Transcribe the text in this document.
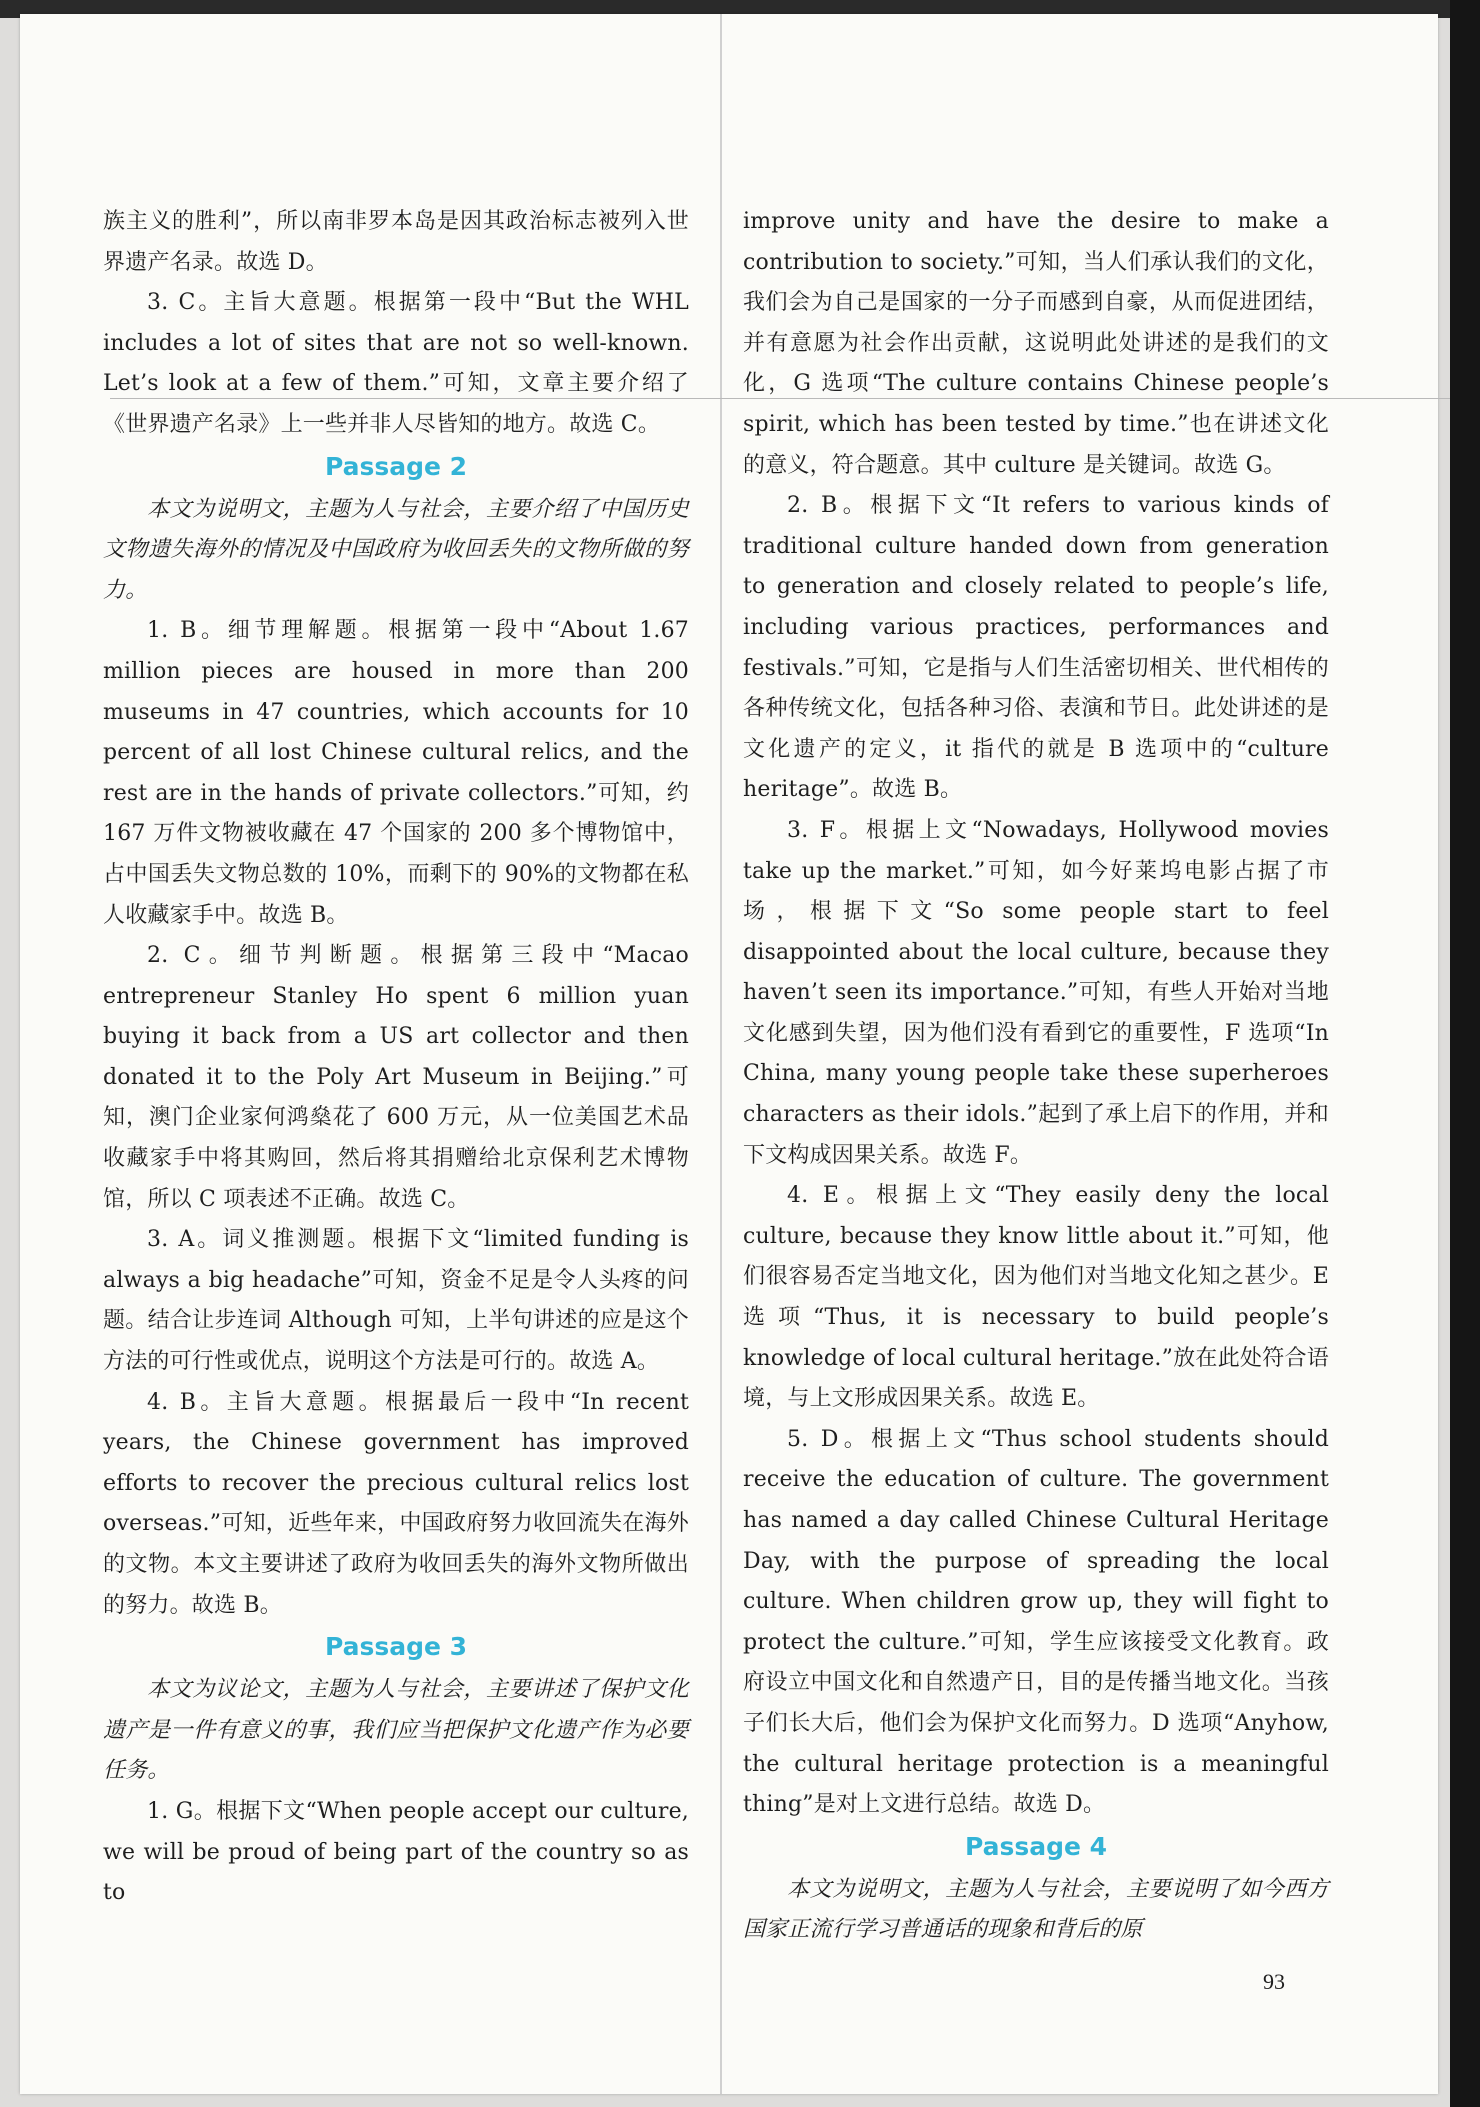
族主义的胜利”，所以南非罗本岛是因其政治标志被列入世界遗产名录。故选 D。

3. C。主旨大意题。根据第一段中“But the WHL includes a lot of sites that are not so well-known. Let’s look at a few of them.”可知，文章主要介绍了《世界遗产名录》上一些并非人尽皆知的地方。故选 C。

Passage 2

本文为说明文，主题为人与社会，主要介绍了中国历史文物遗失海外的情况及中国政府为收回丢失的文物所做的努力。

1. B。细节理解题。根据第一段中“About 1.67 million pieces are housed in more than 200 museums in 47 countries, which accounts for 10 percent of all lost Chinese cultural relics, and the rest are in the hands of private collectors.”可知，约 167 万件文物被收藏在 47 个国家的 200 多个博物馆中，占中国丢失文物总数的 10%，而剩下的 90%的文物都在私人收藏家手中。故选 B。

2. C。细节判断题。根据第三段中“Macao entrepreneur Stanley Ho spent 6 million yuan buying it back from a US art collector and then donated it to the Poly Art Museum in Beijing.”可知，澳门企业家何鸿燊花了 600 万元，从一位美国艺术品收藏家手中将其购回，然后将其捐赠给北京保利艺术博物馆，所以 C 项表述不正确。故选 C。

3. A。词义推测题。根据下文“limited funding is always a big headache”可知，资金不足是令人头疼的问题。结合让步连词 Although 可知，上半句讲述的应是这个方法的可行性或优点，说明这个方法是可行的。故选 A。

4. B。主旨大意题。根据最后一段中“In recent years, the Chinese government has improved efforts to recover the precious cultural relics lost overseas.”可知，近些年来，中国政府努力收回流失在海外的文物。本文主要讲述了政府为收回丢失的海外文物所做出的努力。故选 B。

Passage 3

本文为议论文，主题为人与社会，主要讲述了保护文化遗产是一件有意义的事，我们应当把保护文化遗产作为必要任务。

1. G。根据下文“When people accept our culture, we will be proud of being part of the country so as to

improve unity and have the desire to make a contribution to society.”可知，当人们承认我们的文化，我们会为自己是国家的一分子而感到自豪，从而促进团结，并有意愿为社会作出贡献，这说明此处讲述的是我们的文化，G 选项“The culture contains Chinese people’s spirit, which has been tested by time.”也在讲述文化的意义，符合题意。其中 culture 是关键词。故选 G。

2. B。根据下文“It refers to various kinds of traditional culture handed down from generation to generation and closely related to people’s life, including various practices, performances and festivals.”可知，它是指与人们生活密切相关、世代相传的各种传统文化，包括各种习俗、表演和节日。此处讲述的是文化遗产的定义，it 指代的就是 B 选项中的“culture heritage”。故选 B。

3. F。根据上文“Nowadays, Hollywood movies take up the market.”可知，如今好莱坞电影占据了市场，根据下文“So some people start to feel disappointed about the local culture, because they haven’t seen its importance.”可知，有些人开始对当地文化感到失望，因为他们没有看到它的重要性，F 选项“In China, many young people take these superheroes characters as their idols.”起到了承上启下的作用，并和下文构成因果关系。故选 F。

4. E。根据上文“They easily deny the local culture, because they know little about it.”可知，他们很容易否定当地文化，因为他们对当地文化知之甚少。E 选项“Thus, it is necessary to build people’s knowledge of local cultural heritage.”放在此处符合语境，与上文形成因果关系。故选 E。

5. D。根据上文“Thus school students should receive the education of culture. The government has named a day called Chinese Cultural Heritage Day, with the purpose of spreading the local culture. When children grow up, they will fight to protect the culture.”可知，学生应该接受文化教育。政府设立中国文化和自然遗产日，目的是传播当地文化。当孩子们长大后，他们会为保护文化而努力。D 选项“Anyhow, the cultural heritage protection is a meaningful thing”是对上文进行总结。故选 D。

Passage 4

本文为说明文，主题为人与社会，主要说明了如今西方国家正流行学习普通话的现象和背后的原

93
